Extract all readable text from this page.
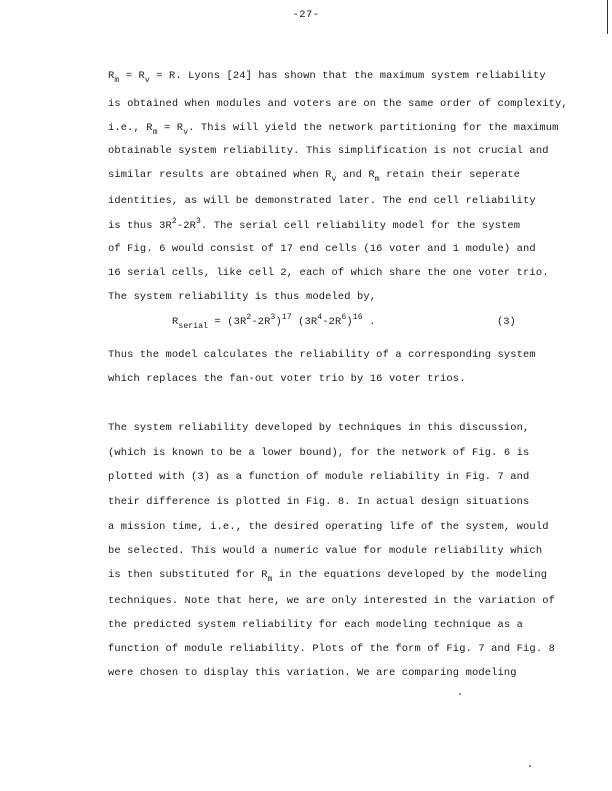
-27-
$R_m = R_v = R$. Lyons [24] has shown that the maximum system reliability
is obtained when modules and voters are on the same order of complexity,
i.e., $R_m = R_v$. This will yield the network partitioning for the maximum
obtainable system reliability. This simplification is not crucial and
similar results are obtained when $R_v$ and $R_m$ retain their seperate
identities, as will be demonstrated later. The end cell reliability
is thus $3R^2-2R^3$. The serial cell reliability model for the system
of Fig. 6 would consist of 17 end cells (16 voter and 1 module) and
16 serial cells, like cell 2, each of which share the one voter trio.
The system reliability is thus modeled by,
$R_{serial} = (3R^2-2R^3)^{17}$ $(3R^4-2R^6)^{16}$ .	(3)
Thus the model calculates the reliability of a corresponding system
which replaces the fan-out voter trio by 16 voter trios.
The system reliability developed by techniques in this discussion,
(which is known to be a lower bound), for the network of Fig. 6 is
plotted with (3) as a function of module reliability in Fig. 7 and
their difference is plotted in Fig. 8. In actual design situations
a mission time, i.e., the desired operating life of the system, would
be selected. This would a numeric value for module reliability which
is then substituted for $R_m$ in the equations developed by the modeling
techniques. Note that here, we are only interested in the variation of
the predicted system reliability for each modeling technique as a
function of module reliability. Plots of the form of Fig. 7 and Fig. 8
were chosen to display this variation. We are comparing modeling
